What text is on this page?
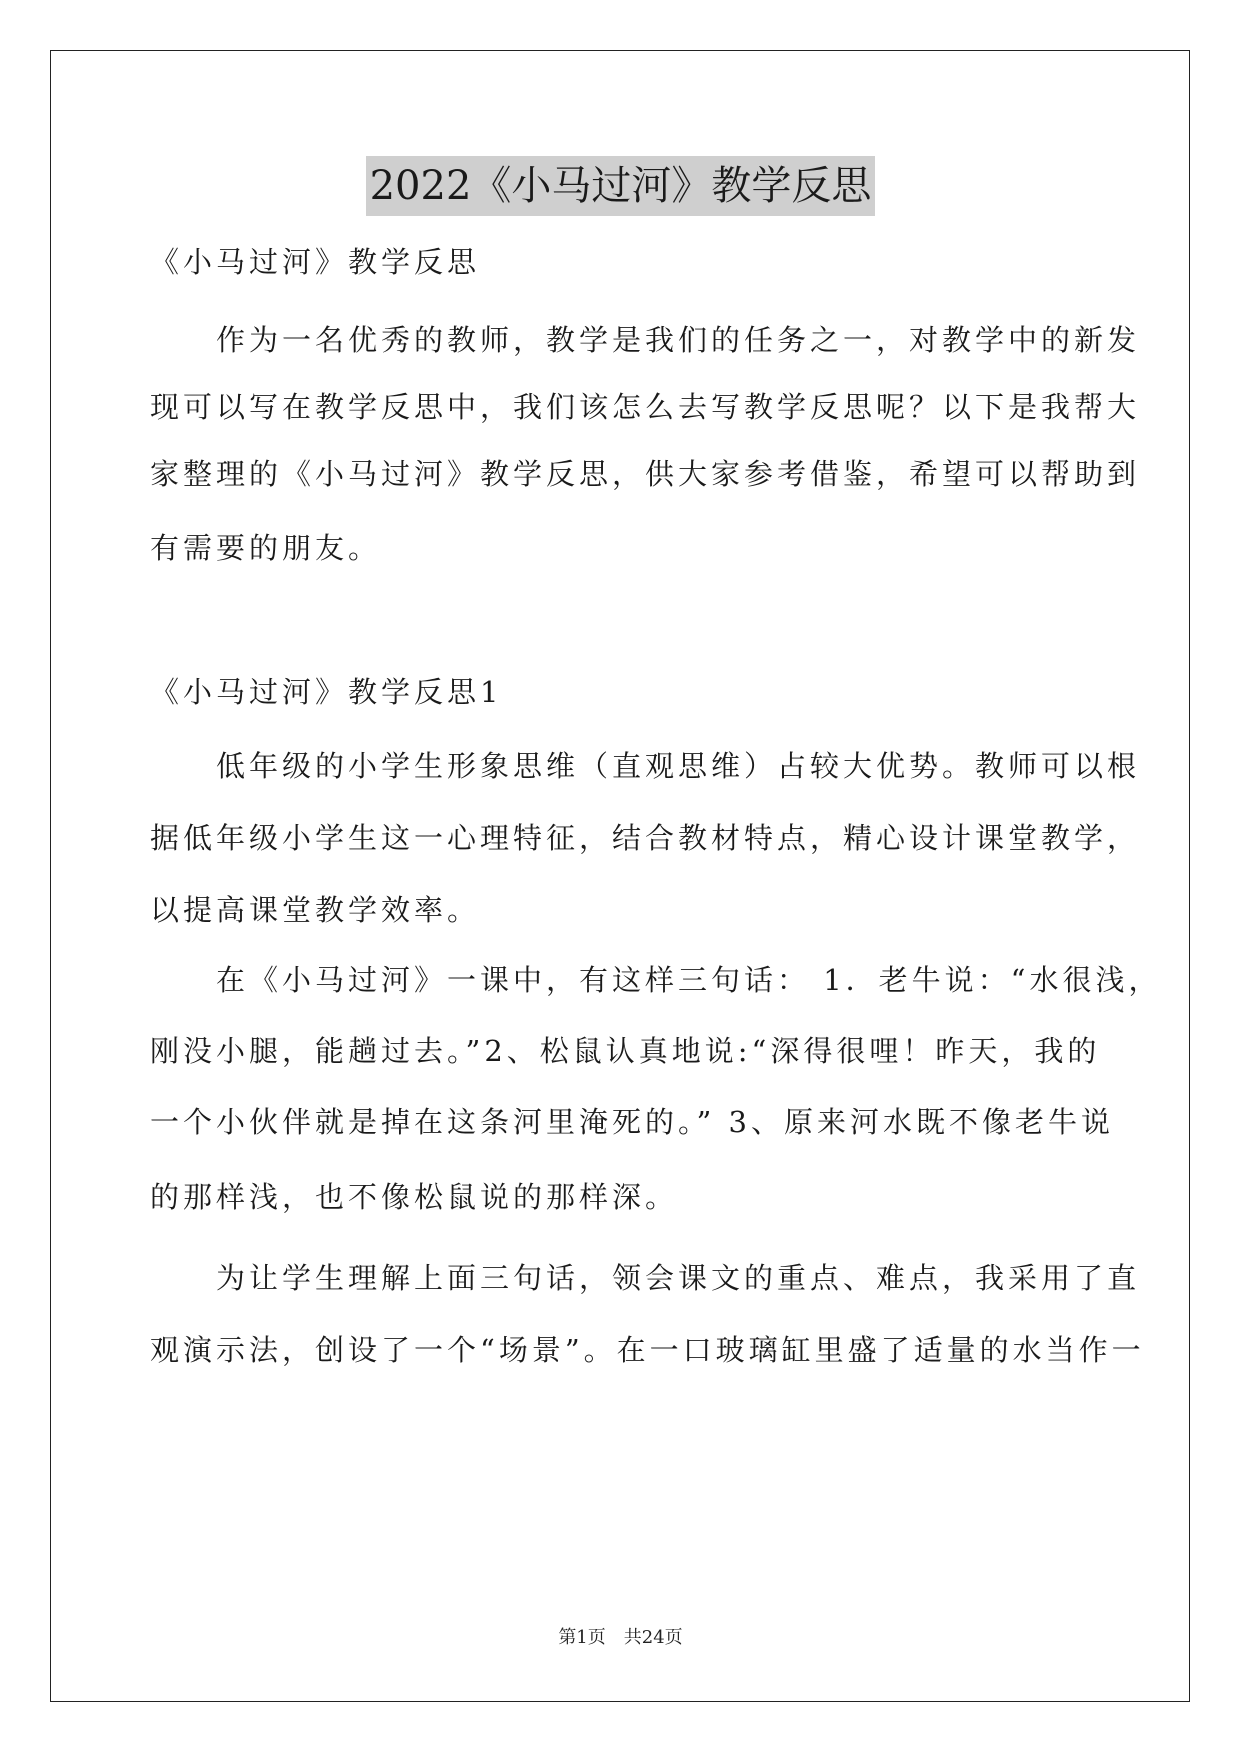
2022《小马过河》教学反思
《小马过河》教学反思
　　作为一名优秀的教师，教学是我们的任务之一，对教学中的新发
现可以写在教学反思中，我们该怎么去写教学反思呢？以下是我帮大
家整理的《小马过河》教学反思，供大家参考借鉴，希望可以帮助到
有需要的朋友。
《小马过河》教学反思1
　　低年级的小学生形象思维（直观思维）占较大优势。教师可以根
据低年级小学生这一心理特征，结合教材特点，精心设计课堂教学，
以提高课堂教学效率。
　　在《小马过河》一课中，有这样三句话： 1．老牛说：“水很浅，
刚没小腿，能趟过去。”2、松鼠认真地说:“深得很哩！昨天，我的
一个小伙伴就是掉在这条河里淹死的。” 3、原来河水既不像老牛说
的那样浅，也不像松鼠说的那样深。
　　为让学生理解上面三句话，领会课文的重点、难点，我采用了直
观演示法，创设了一个“场景”。在一口玻璃缸里盛了适量的水当作一
第1页　共24页
